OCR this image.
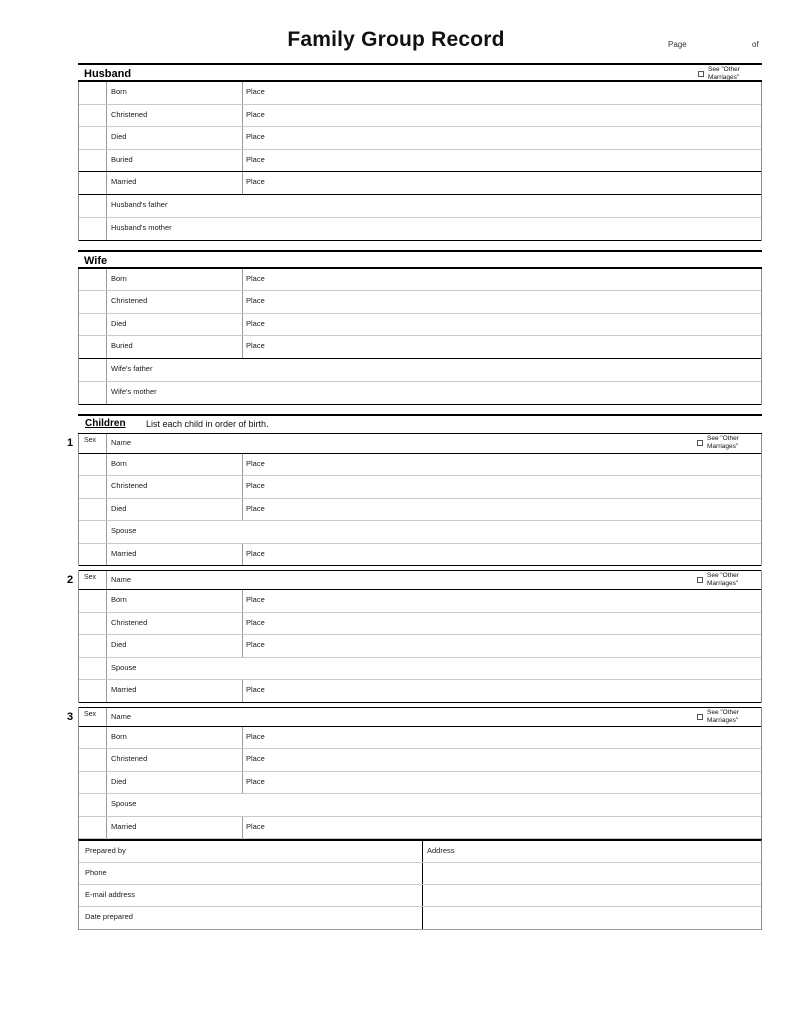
Family Group Record	Page	of
Husband	See "Other
Marriages"
Born	Place
Christened	Place
Died	Place
Buried	Place
Married	Place
Husband's father
Husband's mother
Wife
Born	Place
Christened	Place
Died	Place
Buried	Place
Wife's father
Wife's mother
Children List each child in order of birth.
1 Sex Name	See "Other
Marriages"
Born	Place
Christened	Place
Died	Place
Spouse
Married	Place
2 Sex Name	See "Other
Marriages"
Born	Place
Christened	Place
Died	Place
Spouse
Married	Place
3 Sex Name	See "Other
Marriages"
Born	Place
Christened	Place
Died	Place
Spouse
Married	Place
Prepared by	Address
Phone
E-mail address
Date prepared
